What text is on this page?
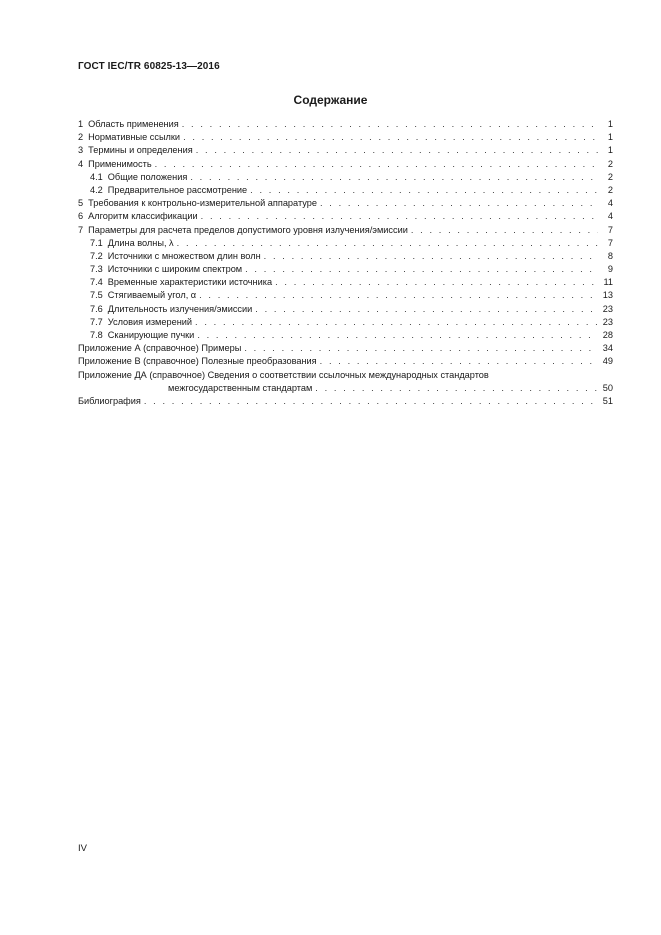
ГОСТ IEC/TR 60825-13—2016
Содержание
1 Область применения . . .	1
2 Нормативные ссылки . . .	1
3 Термины и определения . . .	1
4 Применимость . . .	2
4.1 Общие положения . . .	2
4.2 Предварительное рассмотрение . . .	2
5 Требования к контрольно-измерительной аппаратуре . . .	4
6 Алгоритм классификации . . .	4
7 Параметры для расчета пределов допустимого уровня излучения/эмиссии . . .	7
7.1 Длина волны, λ . . .	7
7.2 Источники с множеством длин волн . . .	8
7.3 Источники с широким спектром . . .	9
7.4 Временные характеристики источника . . .	11
7.5 Стягиваемый угол, α . . .	13
7.6 Длительность излучения/эмиссии . . .	23
7.7 Условия измерений . . .	23
7.8 Сканирующие пучки . . .	28
Приложение А (справочное) Примеры . . .	34
Приложение В (справочное) Полезные преобразования . . .	49
Приложение ДА (справочное) Сведения о соответствии ссылочных международных стандартов
межгосударственным стандартам . . .	50
Библиография . . .	51
IV
